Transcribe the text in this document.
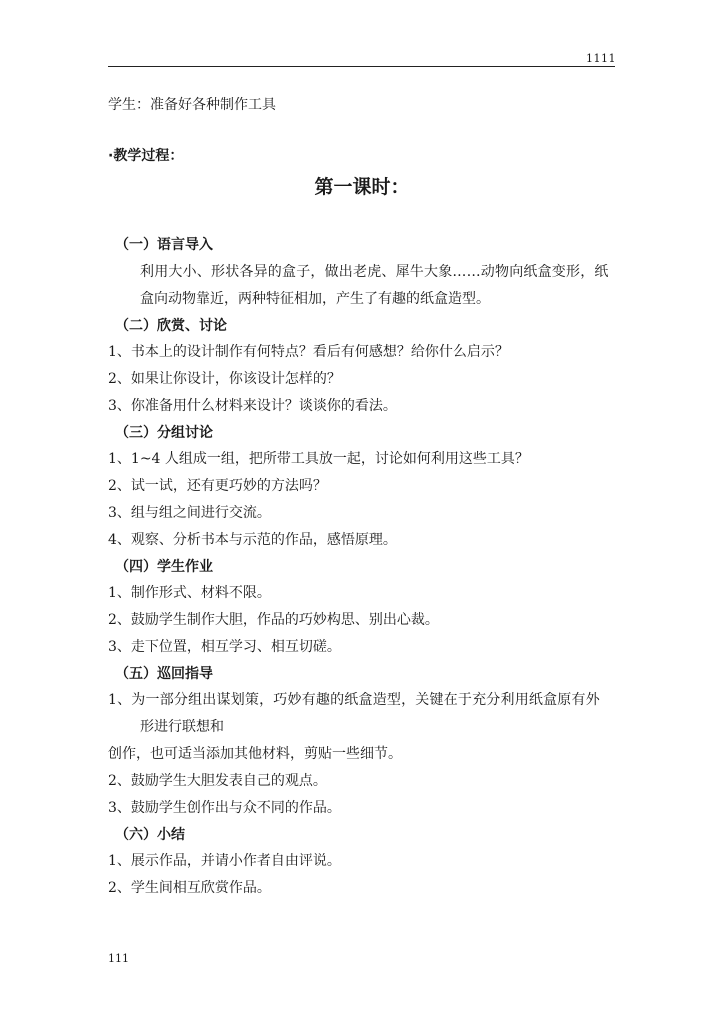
1111
学生：准备好各种制作工具
·教学过程：
第一课时：
（一）语言导入
利用大小、形状各异的盒子，做出老虎、犀牛大象……动物向纸盒变形，纸
盒向动物靠近，两种特征相加，产生了有趣的纸盒造型。
（二）欣赏、讨论
1、书本上的设计制作有何特点？看后有何感想？给你什么启示？
2、如果让你设计，你该设计怎样的？
3、你准备用什么材料来设计？谈谈你的看法。
（三）分组讨论
1、1~4 人组成一组，把所带工具放一起，讨论如何利用这些工具？
2、试一试，还有更巧妙的方法吗？
3、组与组之间进行交流。
4、观察、分析书本与示范的作品，感悟原理。
（四）学生作业
1、制作形式、材料不限。
2、鼓励学生制作大胆，作品的巧妙构思、别出心裁。
3、走下位置，相互学习、相互切磋。
（五）巡回指导
1、为一部分组出谋划策，巧妙有趣的纸盒造型，关键在于充分利用纸盒原有外
形进行联想和
创作，也可适当添加其他材料，剪贴一些细节。
2、鼓励学生大胆发表自己的观点。
3、鼓励学生创作出与众不同的作品。
（六）小结
1、展示作品，并请小作者自由评说。
2、学生间相互欣赏作品。
111
